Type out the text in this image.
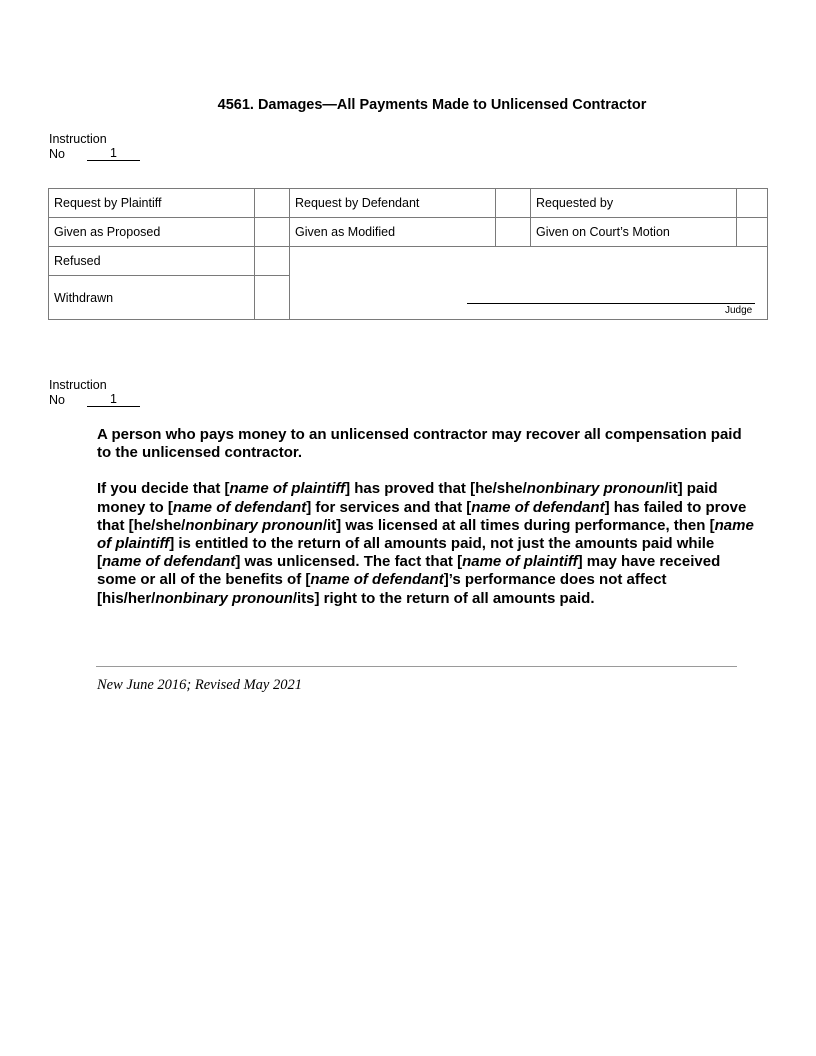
4561. Damages—All Payments Made to Unlicensed Contractor
Instruction
No	1
Request by Plaintiff	Request by Defendant	Requested by
Given as Proposed	Given as Modified	Given on Court’s Motion
Refused
Withdrawn
Judge
Instruction
No	1

A person who pays money to an unlicensed contractor may recover all compensation paid to the unlicensed contractor.

If you decide that [name of plaintiff] has proved that [he/she/nonbinary pronoun/it] paid money to [name of defendant] for services and that [name of defendant] has failed to prove that [he/she/nonbinary pronoun/it] was licensed at all times during performance, then [name of plaintiff] is entitled to the return of all amounts paid, not just the amounts paid while [name of defendant] was unlicensed. The fact that [name of plaintiff] may have received some or all of the benefits of [name of defendant]’s performance does not affect [his/her/nonbinary pronoun/its] right to the return of all amounts paid.

New June 2016; Revised May 2021
